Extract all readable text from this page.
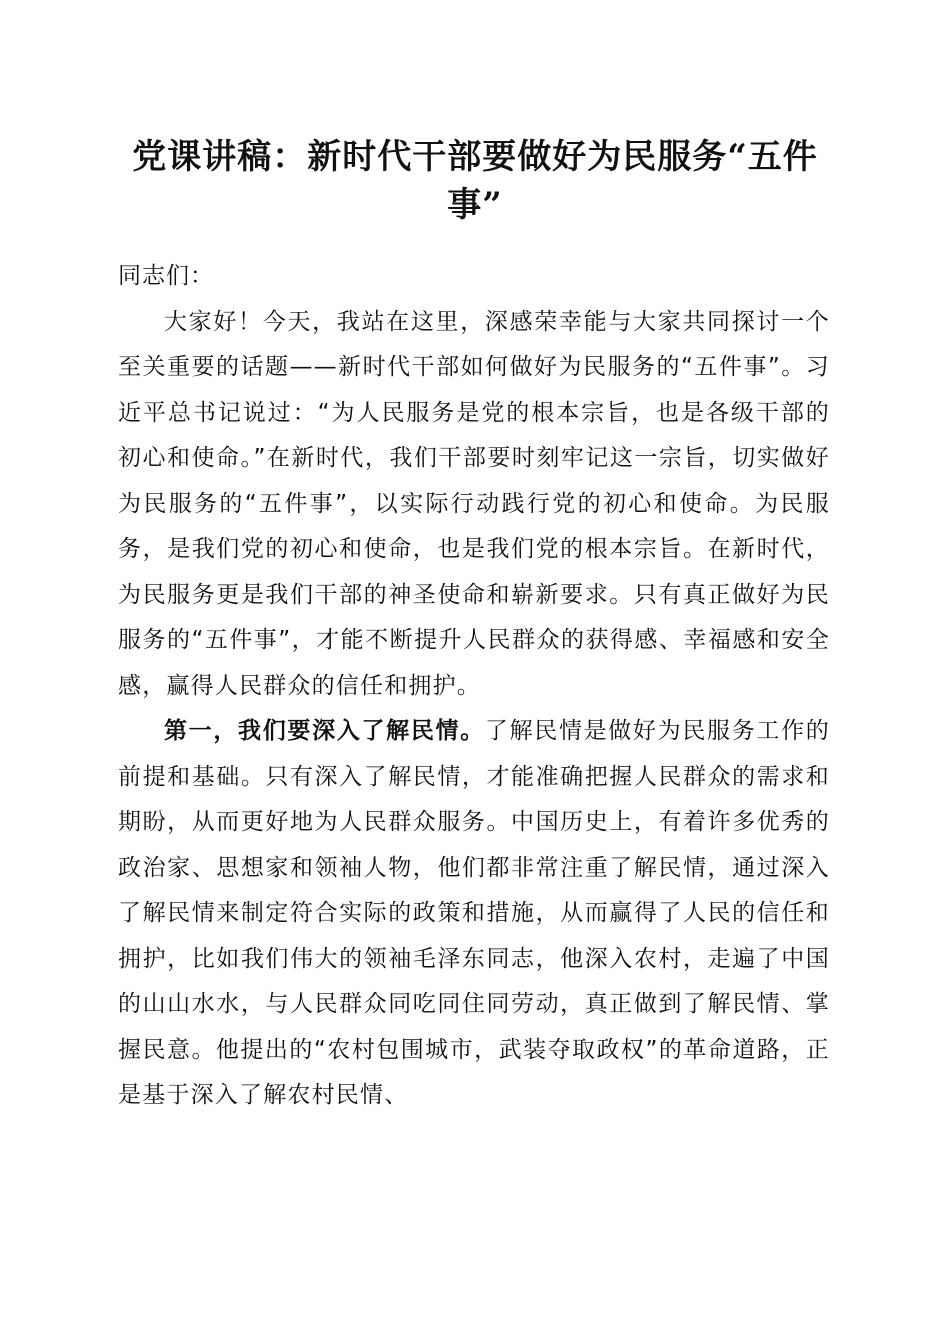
党课讲稿：新时代干部要做好为民服务“五件事”

同志们：

大家好！今天，我站在这里，深感荣幸能与大家共同探讨一个至关重要的话题——新时代干部如何做好为民服务的“五件事”。习近平总书记说过：“为人民服务是党的根本宗旨，也是各级干部的初心和使命。”在新时代，我们干部要时刻牢记这一宗旨，切实做好为民服务的“五件事”，以实际行动践行党的初心和使命。为民服务，是我们党的初心和使命，也是我们党的根本宗旨。在新时代，为民服务更是我们干部的神圣使命和崭新要求。只有真正做好为民服务的“五件事”，才能不断提升人民群众的获得感、幸福感和安全感，赢得人民群众的信任和拥护。

第一，我们要深入了解民情。了解民情是做好为民服务工作的前提和基础。只有深入了解民情，才能准确把握人民群众的需求和期盼，从而更好地为人民群众服务。中国历史上，有着许多优秀的政治家、思想家和领袖人物，他们都非常注重了解民情，通过深入了解民情来制定符合实际的政策和措施，从而赢得了人民的信任和拥护，比如我们伟大的领袖毛泽东同志，他深入农村，走遍了中国的山山水水，与人民群众同吃同住同劳动，真正做到了解民情、掌握民意。他提出的“农村包围城市，武装夺取政权”的革命道路，正是基于深入了解农村民情、
